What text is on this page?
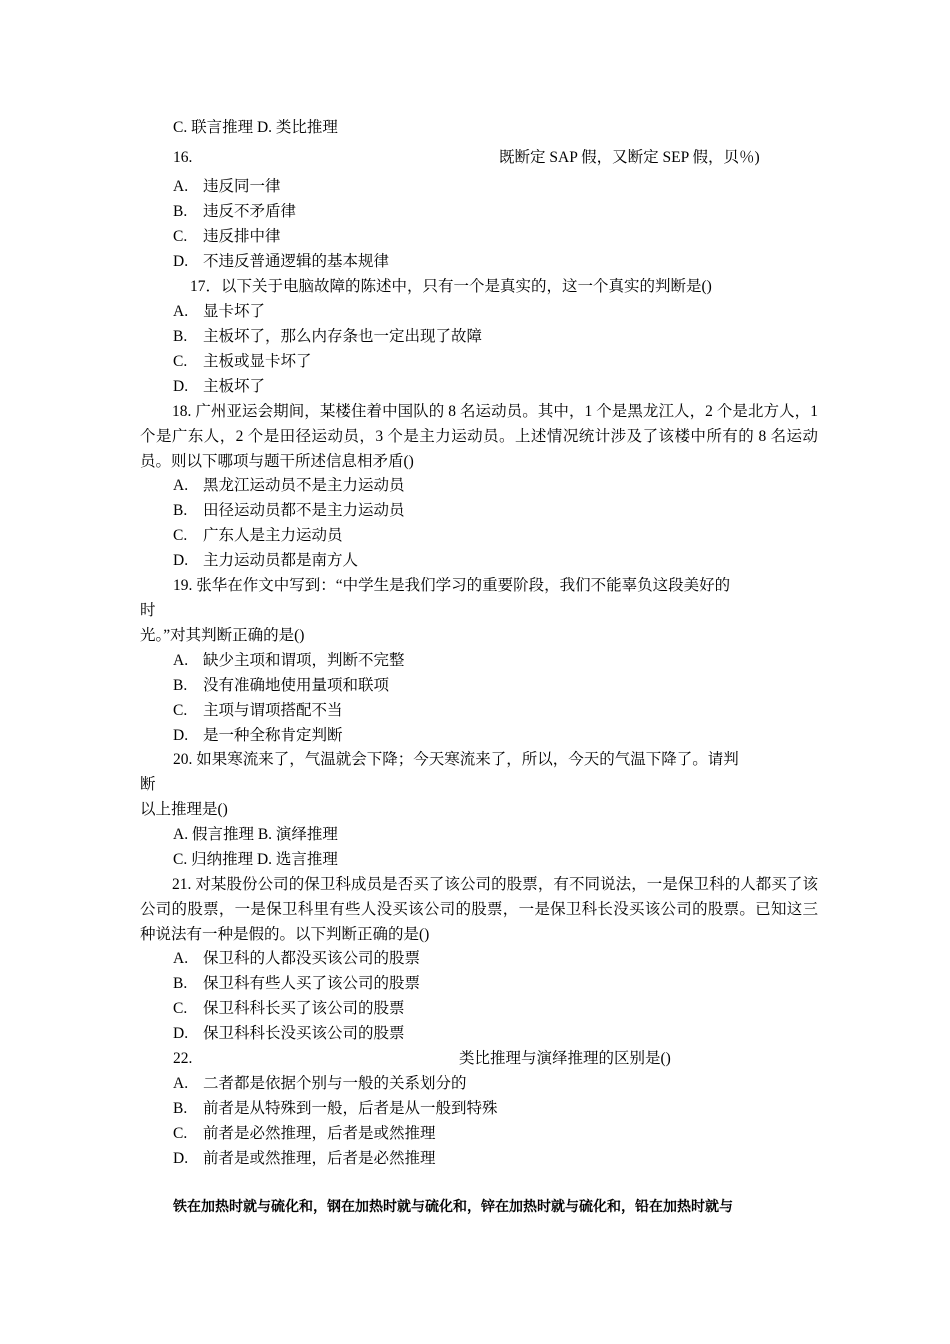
C. 联言推理 D. 类比推理
16.	既断定 SAP 假，又断定 SEP 假，贝％)
A. 违反同一律
B. 违反不矛盾律
C. 违反排中律
D. 不违反普通逻辑的基本规律
17．以下关于电脑故障的陈述中，只有一个是真实的，这一个真实的判断是()
A. 显卡坏了
B. 主板坏了，那么内存条也一定出现了故障
C. 主板或显卡坏了
D. 主板坏了
18. 广州亚运会期间，某楼住着中国队的 8 名运动员。其中，1 个是黑龙江人，2 个是北方人，1 个是广东人，2 个是田径运动员，3 个是主力运动员。上述情况统计涉及了该楼中所有的 8 名运动员。则以下哪项与题干所述信息相矛盾()
A. 黑龙江运动员不是主力运动员
B. 田径运动员都不是主力运动员
C. 广东人是主力运动员
D. 主力运动员都是南方人
19. 张华在作文中写到：“中学生是我们学习的重要阶段，我们不能辜负这段美好的
时
光。”对其判断正确的是()
A. 缺少主项和谓项，判断不完整
B. 没有准确地使用量项和联项
C. 主项与谓项搭配不当
D. 是一种全称肯定判断
20. 如果寒流来了，气温就会下降；今天寒流来了，所以，今天的气温下降了。请判
断
以上推理是()
A. 假言推理 B. 演绎推理
C. 归纳推理 D. 选言推理
21. 对某股份公司的保卫科成员是否买了该公司的股票，有不同说法，一是保卫科的人都买了该公司的股票，一是保卫科里有些人没买该公司的股票，一是保卫科长没买该公司的股票。已知这三种说法有一种是假的。以下判断正确的是()
A. 保卫科的人都没买该公司的股票
B. 保卫科有些人买了该公司的股票
C. 保卫科科长买了该公司的股票
D. 保卫科科长没买该公司的股票
22.	类比推理与演绎推理的区别是()
A. 二者都是依据个别与一般的关系划分的
B. 前者是从特殊到一般，后者是从一般到特殊
C. 前者是必然推理，后者是或然推理
D. 前者是或然推理，后者是必然推理
铁在加热时就与硫化和，钢在加热时就与硫化和，锌在加热时就与硫化和，铅在加热时就与
